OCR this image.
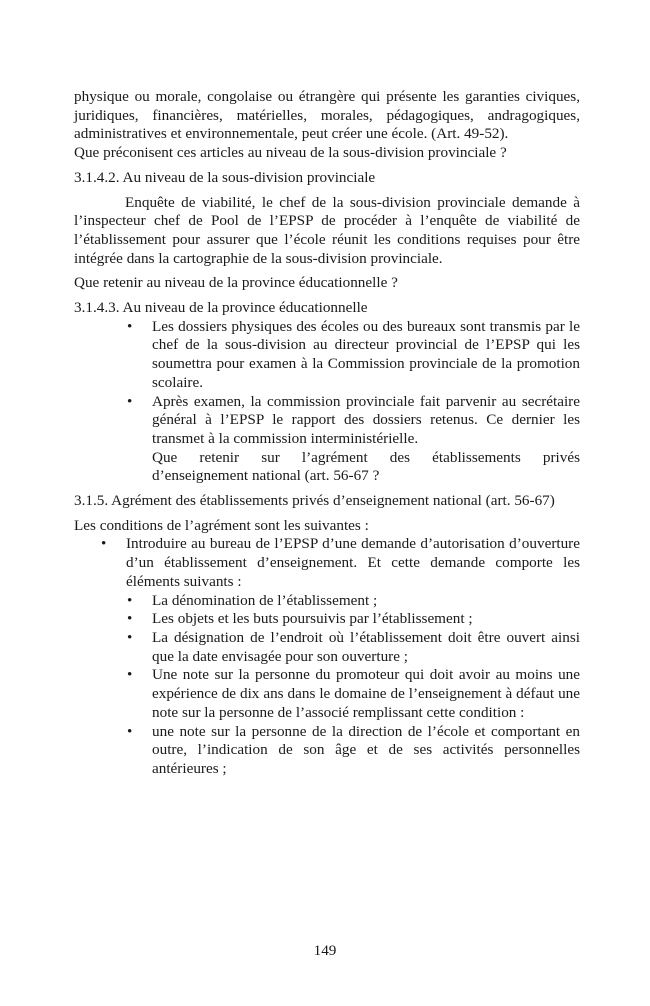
physique ou morale, congolaise ou étrangère qui présente les garanties civiques, juridiques, financières, matérielles, morales, pédagogiques, andragogiques, administratives et environnementale, peut créer une école. (Art. 49-52).

Que préconisent ces articles au niveau de la sous-division provinciale ?

3.1.4.2. Au niveau de la sous-division provinciale

Enquête de viabilité, le chef de la sous-division provinciale demande à l’inspecteur chef de Pool de l’EPSP de procéder à l’enquête de viabilité de l’établissement pour assurer que l’école réunit les conditions requises pour être intégrée dans la cartographie de la sous-division provinciale.

Que retenir au niveau de la province éducationnelle ?

3.1.4.3. Au niveau de la province éducationnelle

• Les dossiers physiques des écoles ou des bureaux sont transmis par le chef de la sous-division au directeur provincial de l’EPSP qui les soumettra pour examen à la Commission provinciale de la promotion scolaire.
• Après examen, la commission provinciale fait parvenir au secrétaire général à l’EPSP le rapport des dossiers retenus. Ce dernier les transmet à la commission interministérielle.

Que retenir sur l’agrément des établissements privés

d’enseignement national (art. 56-67 ?

3.1.5. Agrément des établissements privés d’enseignement national (art. 56-67)

Les conditions de l’agrément sont les suivantes :

• Introduire au bureau de l’EPSP d’une demande d’autorisation d’ouverture d’un établissement d’enseignement. Et cette demande comporte les éléments suivants :
• La dénomination de l’établissement ;
• Les objets et les buts poursuivis par l’établissement ;
• La désignation de l’endroit où l’établissement doit être ouvert ainsi que la date envisagée pour son ouverture ;
• Une note sur la personne du promoteur qui doit avoir au moins une expérience de dix ans dans le domaine de l’enseignement à défaut une note sur la personne de l’associé remplissant cette condition :
• une note sur la personne de la direction de l’école et comportant en outre, l’indication de son âge et de ses activités personnelles antérieures ;
149
